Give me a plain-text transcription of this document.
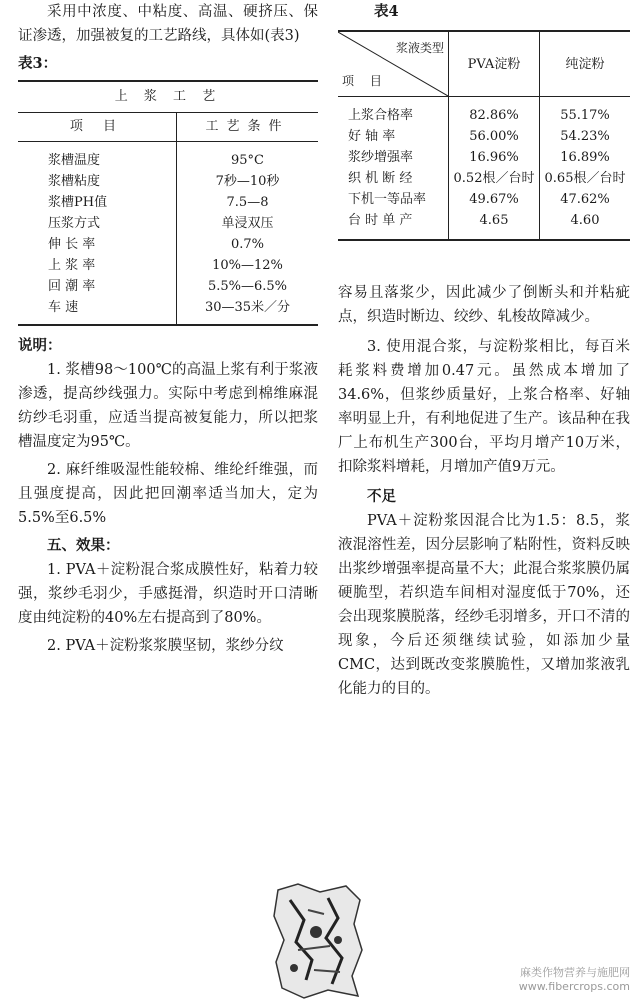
采用中浓度、中粘度、高温、硬挤压、保证渗透，加强被复的工艺路线，具体如(表3)

表3：

上 浆 工 艺	
项 目	工艺条件
浆槽温度	95°C
浆槽粘度	7秒—10秒
浆槽PH值	7.5—8
压浆方式	单浸双压
伸 长 率	0.7%
上 浆 率	10%—12%
回 潮 率	5.5%—6.5%
车 速	30—35米／分

说明：

1. 浆槽98～100℃的高温上浆有利于浆液渗透，提高纱线强力。实际中考虑到棉维麻混纺纱毛羽重，应适当提高被复能力，所以把浆槽温度定为95℃。

2. 麻纤维吸湿性能较棉、维纶纤维强，而且强度提高，因此把回潮率适当加大，定为5.5%至6.5%

五、效果：

1. PVA＋淀粉混合浆成膜性好，粘着力较强，浆纱毛羽少，手感挺滑，织造时开口清晰度由纯淀粉的40%左右提高到了80%。

2. PVA＋淀粉浆浆膜坚韧，浆纱分纹

表4

浆液类型
项 目	PVA淀粉	纯淀粉
上浆合格率	82.86%	55.17%
好 轴 率	56.00%	54.23%
浆纱增强率	16.96%	16.89%
织 机 断 经	0.52根／台时	0.65根／台时
下机一等品率	49.67%	47.62%
台 时 单 产	4.65	4.60

容易且落浆少，因此减少了倒断头和并粘疵点，织造时断边、绞纱、轧梭故障减少。

3. 使用混合浆，与淀粉浆相比，每百米耗浆料费增加0.47元。虽然成本增加了34.6%，但浆纱质量好，上浆合格率、好轴率明显上升，有利地促进了生产。该品种在我厂上布机生产300台，平均月增产10万米，扣除浆料增耗，月增加产值9万元。

不足

PVA＋淀粉浆因混合比为1.5：8.5，浆液混溶性差，因分层影响了粘附性，资料反映出浆纱增强率提高量不大；此混合浆浆膜仍属硬脆型，若织造车间相对湿度低于70%，还会出现浆膜脱落，经纱毛羽增多，开口不清的现象，今后还须继续试验，如添加少量CMC，达到既改变浆膜脆性，又增加浆液乳化能力的目的。

麻类作物营养与施肥网
www.fibercrops.com
